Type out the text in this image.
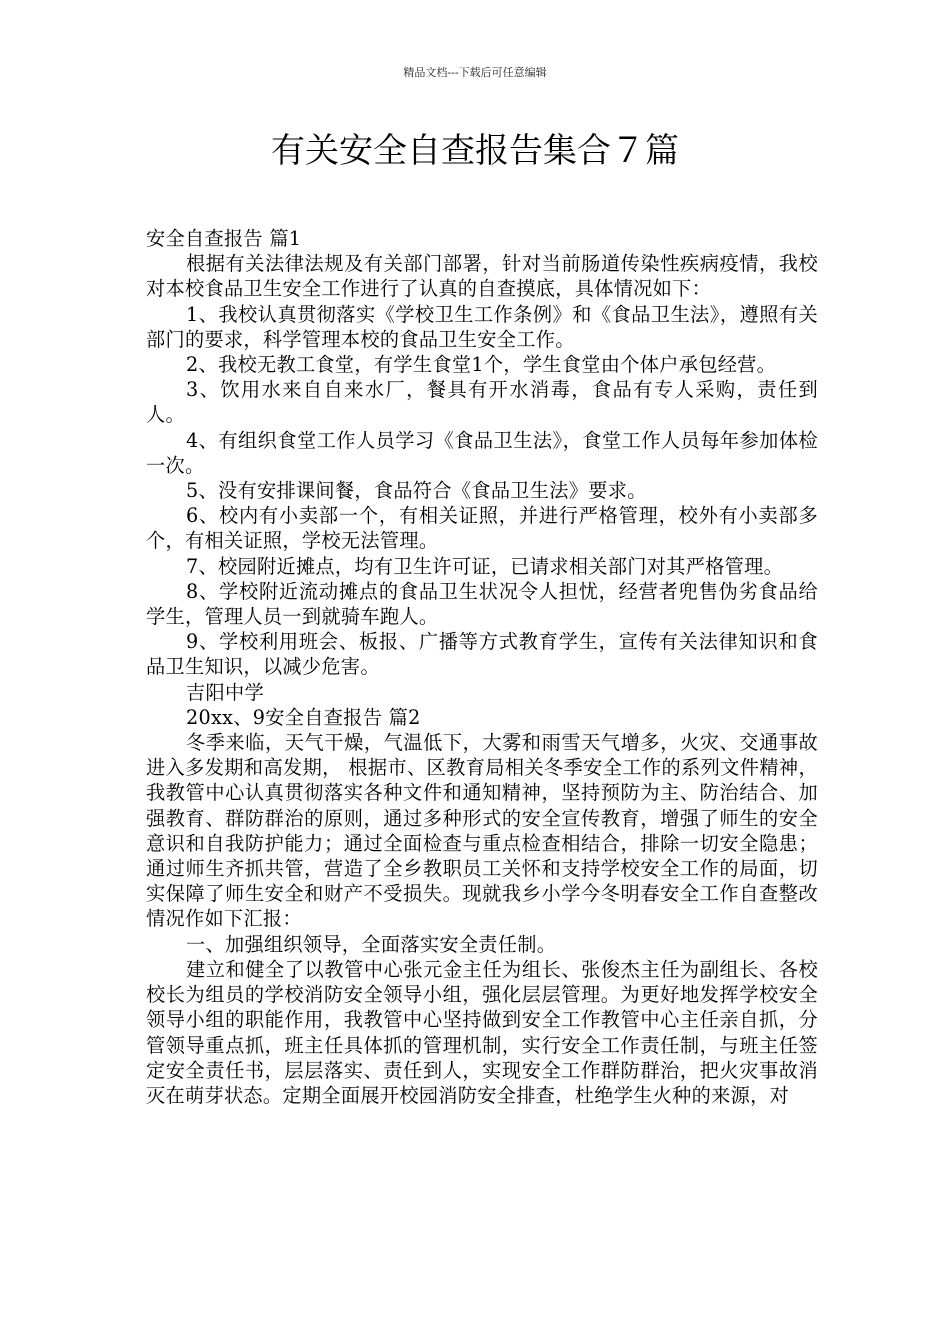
精品文档---下载后可任意编辑
有关安全自查报告集合７篇

安全自查报告 篇1

根据有关法律法规及有关部门部署，针对当前肠道传染性疾病疫情，我校对本校食品卫生安全工作进行了认真的自查摸底，具体情况如下：

1、我校认真贯彻落实《学校卫生工作条例》和《食品卫生法》，遵照有关部门的要求，科学管理本校的食品卫生安全工作。

2、我校无教工食堂，有学生食堂1个，学生食堂由个体户承包经营。

3、饮用水来自自来水厂，餐具有开水消毒，食品有专人采购，责任到人。

4、有组织食堂工作人员学习《食品卫生法》，食堂工作人员每年参加体检一次。

5、没有安排课间餐，食品符合《食品卫生法》要求。

6、校内有小卖部一个，有相关证照，并进行严格管理，校外有小卖部多个，有相关证照，学校无法管理。

7、校园附近摊点，均有卫生许可证，已请求相关部门对其严格管理。

8、学校附近流动摊点的食品卫生状况令人担忧，经营者兜售伪劣食品给学生，管理人员一到就骑车跑人。

9、学校利用班会、板报、广播等方式教育学生，宣传有关法律知识和食品卫生知识，以减少危害。

吉阳中学

20xx、9安全自查报告 篇2

冬季来临，天气干燥，气温低下，大雾和雨雪天气增多，火灾、交通事故进入多发期和高发期， 根据市、区教育局相关冬季安全工作的系列文件精神，我教管中心认真贯彻落实各种文件和通知精神，坚持预防为主、防治结合、加强教育、群防群治的原则，通过多种形式的安全宣传教育，增强了师生的安全意识和自我防护能力；通过全面检查与重点检查相结合，排除一切安全隐患；通过师生齐抓共管，营造了全乡教职员工关怀和支持学校安全工作的局面，切实保障了师生安全和财产不受损失。现就我乡小学今冬明春安全工作自查整改情况作如下汇报：

一、加强组织领导，全面落实安全责任制。

建立和健全了以教管中心张元金主任为组长、张俊杰主任为副组长、各校校长为组员的学校消防安全领导小组，强化层层管理。为更好地发挥学校安全领导小组的职能作用，我教管中心坚持做到安全工作教管中心主任亲自抓，分管领导重点抓，班主任具体抓的管理机制，实行安全工作责任制，与班主任签定安全责任书，层层落实、责任到人，实现安全工作群防群治，把火灾事故消灭在萌芽状态。定期全面展开校园消防安全排查，杜绝学生火种的来源，对
